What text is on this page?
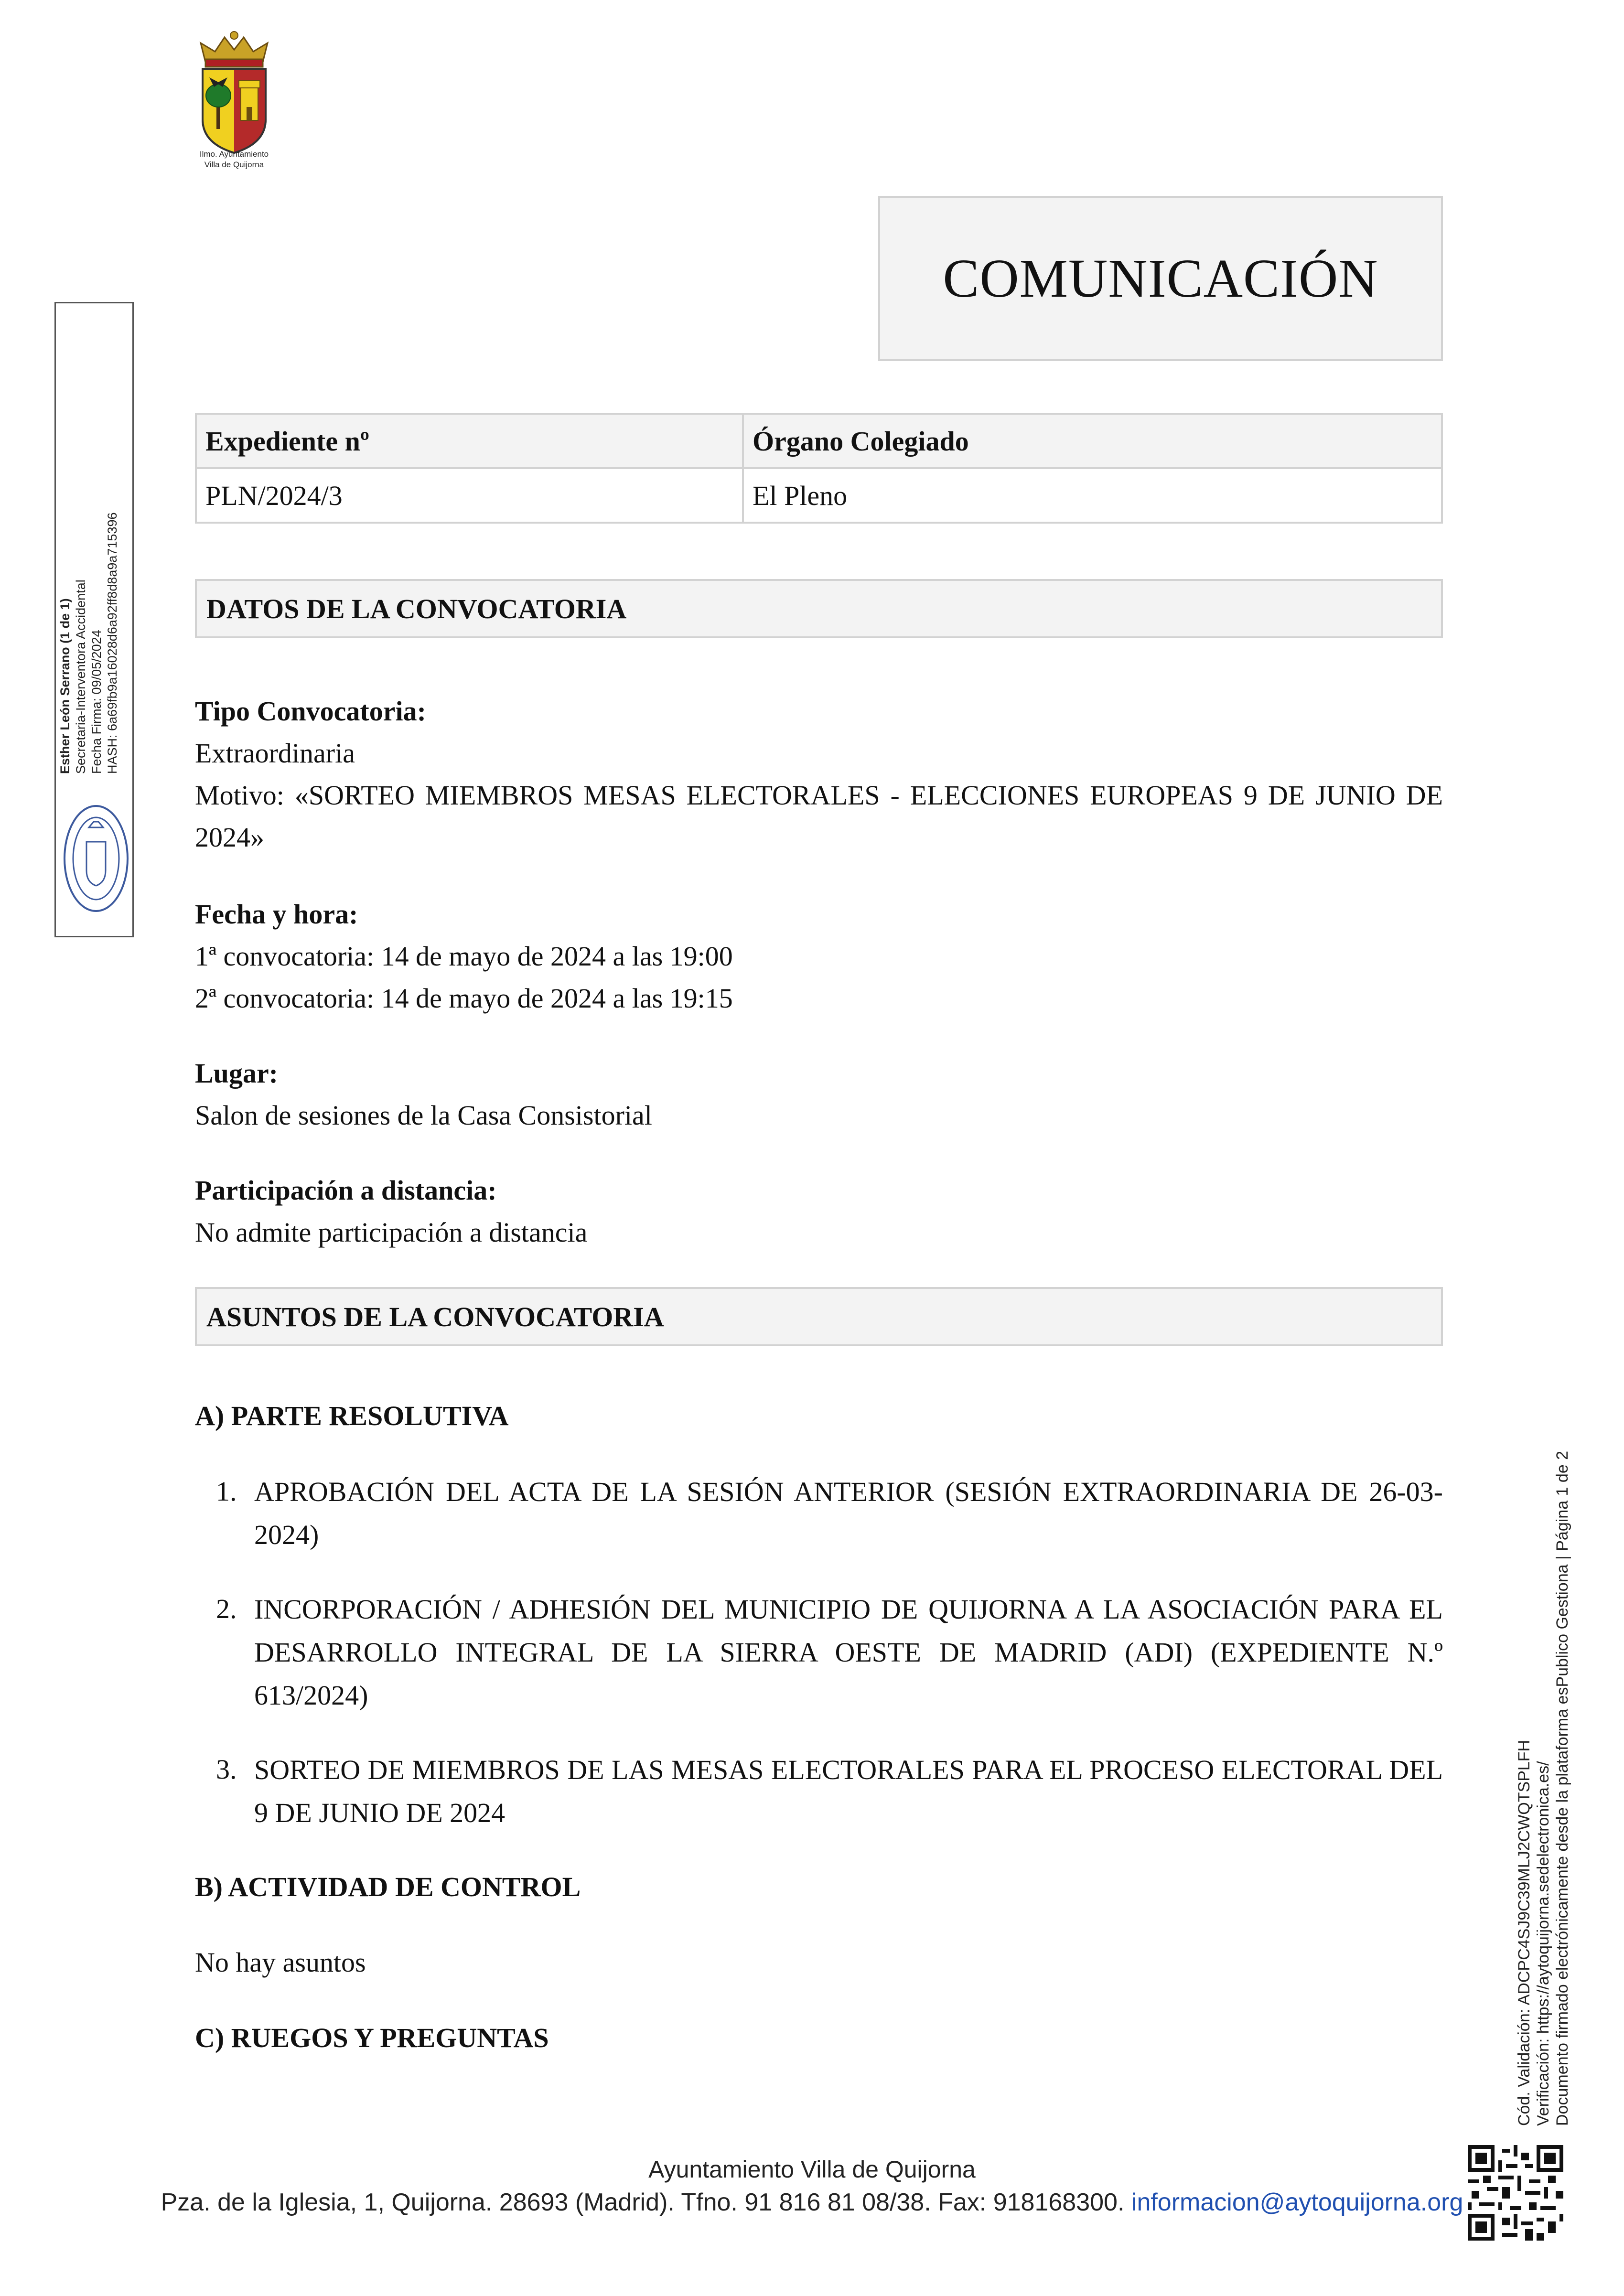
Ilmo. Ayuntamiento
Villa de Quijorna
COMUNICACIÓN
Expediente nº	Órgano Colegiado
PLN/2024/3	El Pleno
DATOS DE LA CONVOCATORIA
Tipo Convocatoria:
Extraordinaria
Motivo: «SORTEO MIEMBROS MESAS ELECTORALES - ELECCIONES EUROPEAS 9 DE JUNIO DE 2024»
Fecha y hora:
1ª convocatoria: 14 de mayo de 2024 a las 19:00
2ª convocatoria: 14 de mayo de 2024 a las 19:15
Lugar:
Salon de sesiones de la Casa Consistorial
Participación a distancia:
No admite participación a distancia
ASUNTOS DE LA CONVOCATORIA
A) PARTE RESOLUTIVA
1. APROBACIÓN DEL ACTA DE LA SESIÓN ANTERIOR (SESIÓN EXTRAORDINARIA DE 26-03-2024)
2. INCORPORACIÓN / ADHESIÓN DEL MUNICIPIO DE QUIJORNA A LA ASOCIACIÓN PARA EL DESARROLLO INTEGRAL DE LA SIERRA OESTE DE MADRID (ADI) (EXPEDIENTE N.º 613/2024)
3. SORTEO DE MIEMBROS DE LAS MESAS ELECTORALES PARA EL PROCESO ELECTORAL DEL 9 DE JUNIO DE 2024
B) ACTIVIDAD DE CONTROL
No hay asuntos
C) RUEGOS Y PREGUNTAS
Esther León Serrano (1 de 1) Secretaria-Interventora Accidental Fecha Firma: 09/05/2024 HASH: 6a69fb9a16028d6a92ff8d8a9a715396
Cód. Validación: ADCPC4SJ9C39MLJ2CWQTSPLFH Verificación: https://aytoquijorna.sedelectronica.es/ Documento firmado electrónicamente desde la plataforma esPublico Gestiona | Página 1 de 2
Ayuntamiento Villa de Quijorna
Pza. de la Iglesia, 1, Quijorna. 28693 (Madrid). Tfno. 91 816 81 08/38. Fax: 918168300. informacion@aytoquijorna.org
